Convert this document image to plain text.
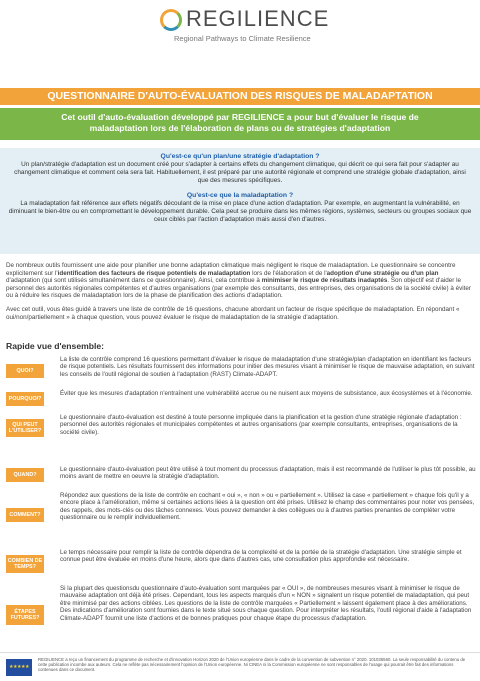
REGILIENCE
Regional Pathways to Climate Resilience
QUESTIONNAIRE D'AUTO-ÉVALUATION DES RISQUES DE MALADAPTATION
Cet outil d'auto-évaluation développé par REGILIENCE a pour but d'évaluer le risque de
maladaptation lors de l'élaboration de plans ou de stratégies d'adaptation
Qu'est-ce qu'un plan/une stratégie d'adaptation ?
Un plan/stratégie d'adaptation est un document créé pour s'adapter à certains effets du changement climatique, qui décrit ce qui sera fait pour s'adapter au changement climatique et comment cela sera fait. Habituellement, il est préparé par une autorité régionale et comprend une stratégie globale d'adaptation, ainsi que des mesures spécifiques.
Qu'est-ce que la maladaptation ?
La maladaptation fait référence aux effets négatifs découlant de la mise en place d'une action d'adaptation. Par exemple, en augmentant la vulnérabilité, en diminuant le bien-être ou en compromettant le développement durable. Cela peut se produire dans les mêmes régions, systèmes, secteurs ou groupes sociaux que ceux ciblés par l'action d'adaptation mais aussi d'en d'autres.

De nombreux outils fournissent une aide pour planifier une bonne adaptation climatique mais négligent le risque de maladaptation. Le questionnaire se concentre explicitement sur l'identification des facteurs de risque potentiels de maladaptation lors de l'élaboration et de l'adoption d'une stratégie ou d'un plan d'adaptation (qui sont utilisés simultanément dans ce questionnaire). Ainsi, cela contribue à minimiser le risque de résultats inadaptés. Son objectif est d'aider le personnel des autorités régionales compétentes et d'autres organisations (par exemple des consultants, des entreprises, des organisations de la société civile) à éviter ou à réduire les risques de maladaptation lors de la phase de planification des actions d'adaptation.

Avec cet outil, vous êtes guidé à travers une liste de contrôle de 16 questions, chacune abordant un facteur de risque spécifique de maladaptation. En répondant « oui/non/partiellement » à chaque question, vous pouvez évaluer le risque de maladaptation de la stratégie d'adaptation.

Rapide vue d'ensemble:
QUOI?
La liste de contrôle comprend 16 questions permettant d'évaluer le risque de maladaptation d'une stratégie/plan d'adaptation en identifiant les facteurs de risque potentiels. Les résultats fournissent des informations pour initier des mesures visant à minimiser le risque de mauvaise adaptation, en suivant les conseils de l'outil régional de soutien à l'adaptation (RAST) Climate-ADAPT.
POURQUOI?
Éviter que les mesures d'adaptation n'entraînent une vulnérabilité accrue ou ne nuisent aux moyens de subsistance, aux écosystèmes et à l'économie.
QUI PEUT L'UTILISER?
Le questionnaire d'auto-évaluation est destiné à toute personne impliquée dans la planification et la gestion d'une stratégie régionale d'adaptation : personnel des autorités régionales et municipales compétentes et autres organisations (par exemple consultants, entreprises, organisations de la société civile).
QUAND?
Le questionnaire d'auto-évaluation peut être utilisé à tout moment du processus d'adaptation, mais il est recommandé de l'utiliser le plus tôt possible, au moins avant de mettre en oeuvre la stratégie d'adaptation.
COMMENT?
Répondez aux questions de la liste de contrôle en cochant « oui », « non » ou « partiellement ». Utilisez la case « partiellement » chaque fois qu'il y a encore place à l'amélioration, même si certaines actions liées à la question ont été prises. Utilisez le champ des commentaires pour noter vos pensées, des rappels, des mots-clés ou des tâches connexes. Vous pouvez demander à des collègues ou à d'autres parties prenantes de compléter votre questionnaire ou le remplir individuellement.
COMBIEN DE TEMPS?
Le temps nécessaire pour remplir la liste de contrôle dépendra de la complexité et de la portée de la stratégie d'adaptation. Une stratégie simple et connue peut être évaluée en moins d'une heure, alors que dans d'autres cas, une consultation plus approfondie est nécessaire.
ÉTAPES FUTURES?
Si la plupart des questionsdu questionnaire d'auto-évaluation sont marquées par « OUI », de nombreuses mesures visant à minimiser le risque de mauvaise adaptation ont déjà été prises. Cependant, tous les aspects marqués d'un « NON » signalent un risque potentiel de maladaptation, qui peut être minimisé par des actions ciblées. Les questions de la liste de contrôle marquées « Partiellement » laissent également place à des améliorations. Des indications d'amélioration sont fournies dans le texte situé sous chaque question. Pour interpréter les résultats, l'outil régional d'aide à l'adaptation Climate-ADAPT fournit une liste d'actions et de bonnes pratiques pour chaque étape du processus d'adaptation.
★★★★★
REGILIENCE a reçu un financement du programme de recherche et d'innovation Horizon 2020 de l'Union européenne dans le cadre de la convention de subvention n° 2020. 101036560. La seule responsabilité du contenu de cette publication incombe aux auteurs. Cela ne reflète pas nécessairement l'opinion de l'Union européenne. Ni CINEA ni la Commission européenne ne sont responsables de l'usage qui pourrait être fait des informations contenues dans ce document.
